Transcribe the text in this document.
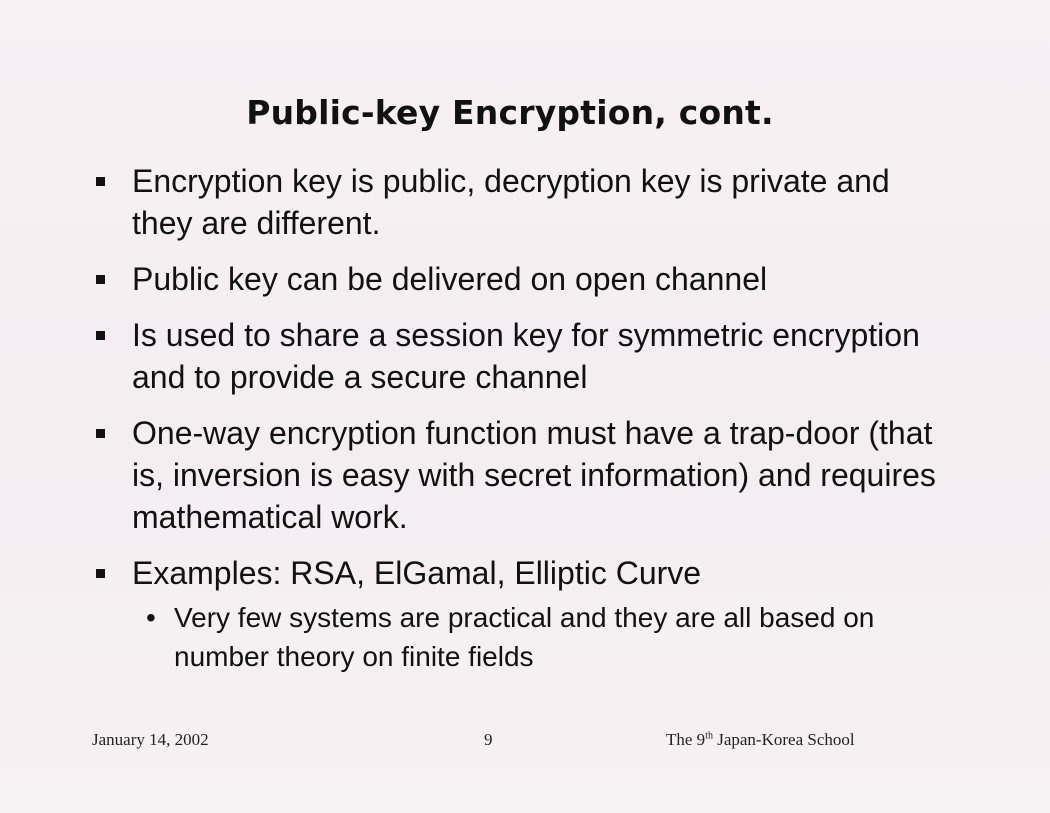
Public-key Encryption, cont.
Encryption key is public, decryption key is private and they are different.
Public key can be delivered on open channel
Is used to share a session key for symmetric encryption and to provide a secure channel
One-way encryption function must have a trap-door (that is, inversion is easy with secret information) and requires mathematical work.
Examples: RSA, ElGamal, Elliptic Curve
• Very few systems are practical and they are all based on number theory on finite fields
January 14, 2002	9	The 9th Japan-Korea School
